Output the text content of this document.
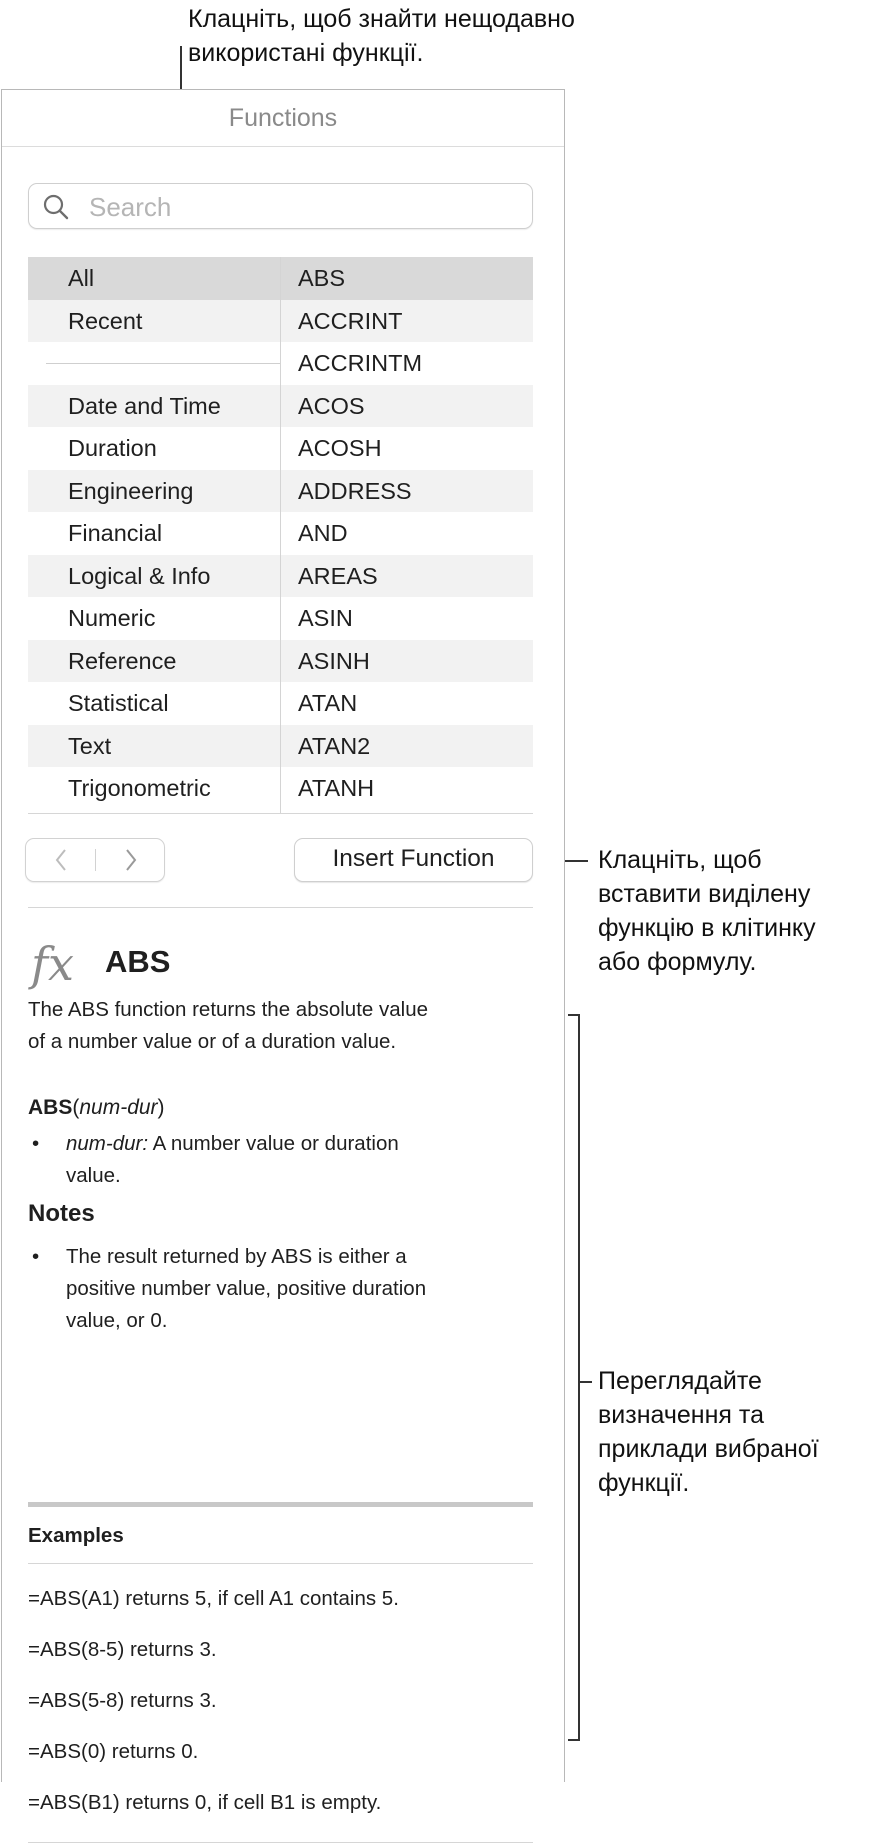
Клацніть, щоб знайти нещодавно
використані функції.
Клацніть, щоб
вставити виділену
функцію в клітинку
або формулу.
Переглядайте
визначення та
приклади вибраної
функції.
Functions
Search
All
Recent
Date and Time
Duration
Engineering
Financial
Logical & Info
Numeric
Reference
Statistical
Text
Trigonometric
ABS
ACCRINT
ACCRINTM
ACOS
ACOSH
ADDRESS
AND
AREAS
ASIN
ASINH
ATAN
ATAN2
ATANH
Insert Function
fx ABS
The ABS function returns the absolute value
of a number value or of a duration value.
ABS(num-dur)
• num-dur: A number value or duration
value.
Notes
• The result returned by ABS is either a
positive number value, positive duration
value, or 0.
Examples
=ABS(A1) returns 5, if cell A1 contains 5.
=ABS(8-5) returns 3.
=ABS(5-8) returns 3.
=ABS(0) returns 0.
=ABS(B1) returns 0, if cell B1 is empty.
